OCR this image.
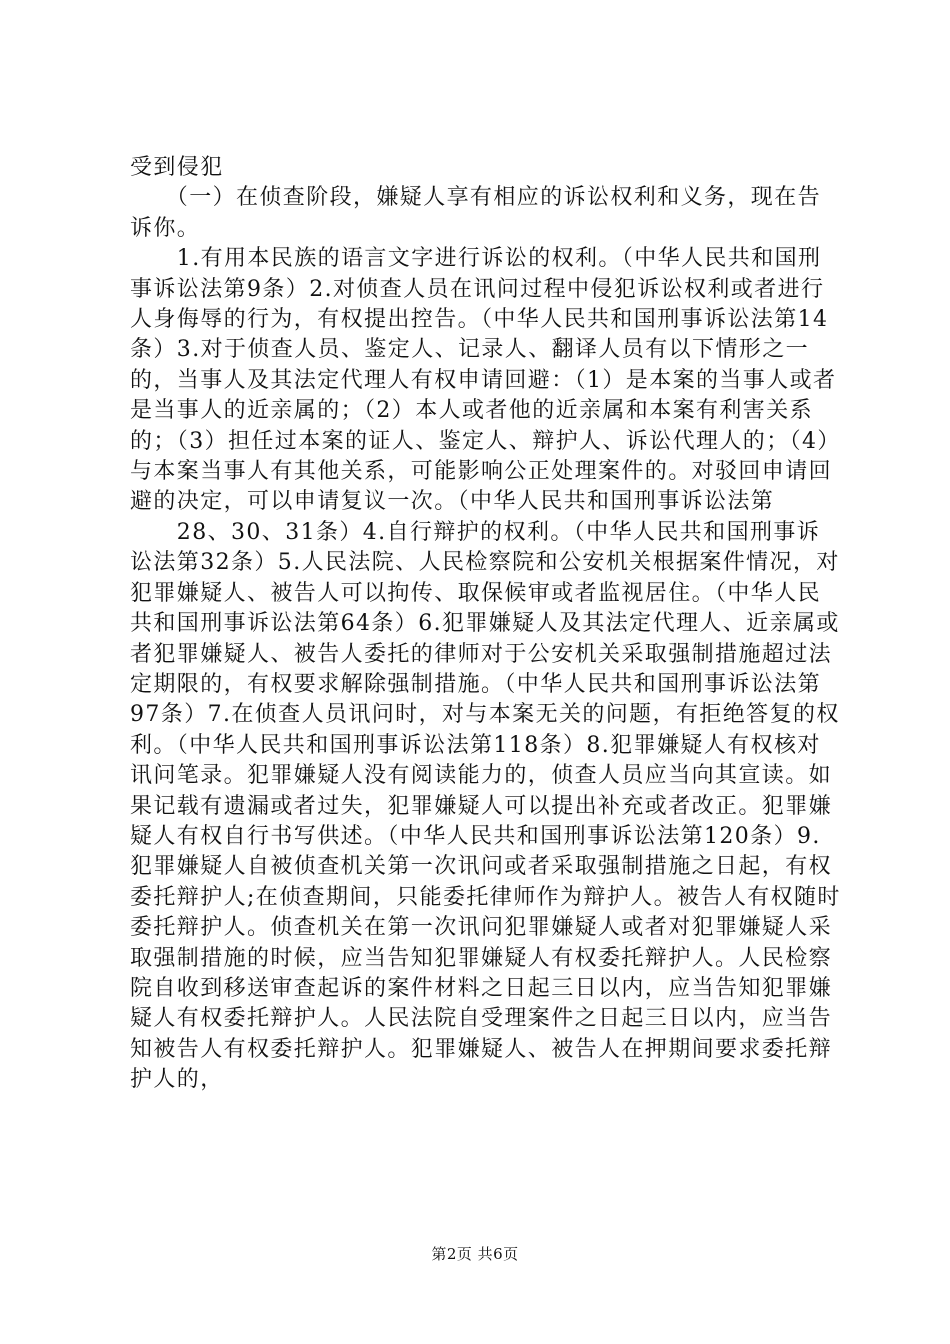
受到侵犯

　　（一）在侦查阶段，嫌疑人享有相应的诉讼权利和义务，现在告诉你。

　　1.有用本民族的语言文字进行诉讼的权利。（中华人民共和国刑事诉讼法第9条）2.对侦查人员在讯问过程中侵犯诉讼权利或者进行人身侮辱的行为，有权提出控告。（中华人民共和国刑事诉讼法第14条）3.对于侦查人员、鉴定人、记录人、翻译人员有以下情形之一的，当事人及其法定代理人有权申请回避：（1）是本案的当事人或者是当事人的近亲属的；（2）本人或者他的近亲属和本案有利害关系的；（3）担任过本案的证人、鉴定人、辩护人、诉讼代理人的；（4）与本案当事人有其他关系，可能影响公正处理案件的。对驳回申请回避的决定，可以申请复议一次。（中华人民共和国刑事诉讼法第

　　28、30、31条）4.自行辩护的权利。（中华人民共和国刑事诉讼法第32条）5.人民法院、人民检察院和公安机关根据案件情况，对犯罪嫌疑人、被告人可以拘传、取保候审或者监视居住。（中华人民共和国刑事诉讼法第64条）6.犯罪嫌疑人及其法定代理人、近亲属或者犯罪嫌疑人、被告人委托的律师对于公安机关采取强制措施超过法定期限的，有权要求解除强制措施。（中华人民共和国刑事诉讼法第97条）7.在侦查人员讯问时，对与本案无关的问题，有拒绝答复的权利。（中华人民共和国刑事诉讼法第118条）8.犯罪嫌疑人有权核对讯问笔录。犯罪嫌疑人没有阅读能力的，侦查人员应当向其宣读。如果记载有遗漏或者过失，犯罪嫌疑人可以提出补充或者改正。犯罪嫌疑人有权自行书写供述。（中华人民共和国刑事诉讼法第120条）9.犯罪嫌疑人自被侦查机关第一次讯问或者采取强制措施之日起，有权委托辩护人;在侦查期间，只能委托律师作为辩护人。被告人有权随时委托辩护人。侦查机关在第一次讯问犯罪嫌疑人或者对犯罪嫌疑人采取强制措施的时候，应当告知犯罪嫌疑人有权委托辩护人。人民检察院自收到移送审查起诉的案件材料之日起三日以内，应当告知犯罪嫌疑人有权委托辩护人。人民法院自受理案件之日起三日以内，应当告知被告人有权委托辩护人。犯罪嫌疑人、被告人在押期间要求委托辩护人的，

第2页 共6页
